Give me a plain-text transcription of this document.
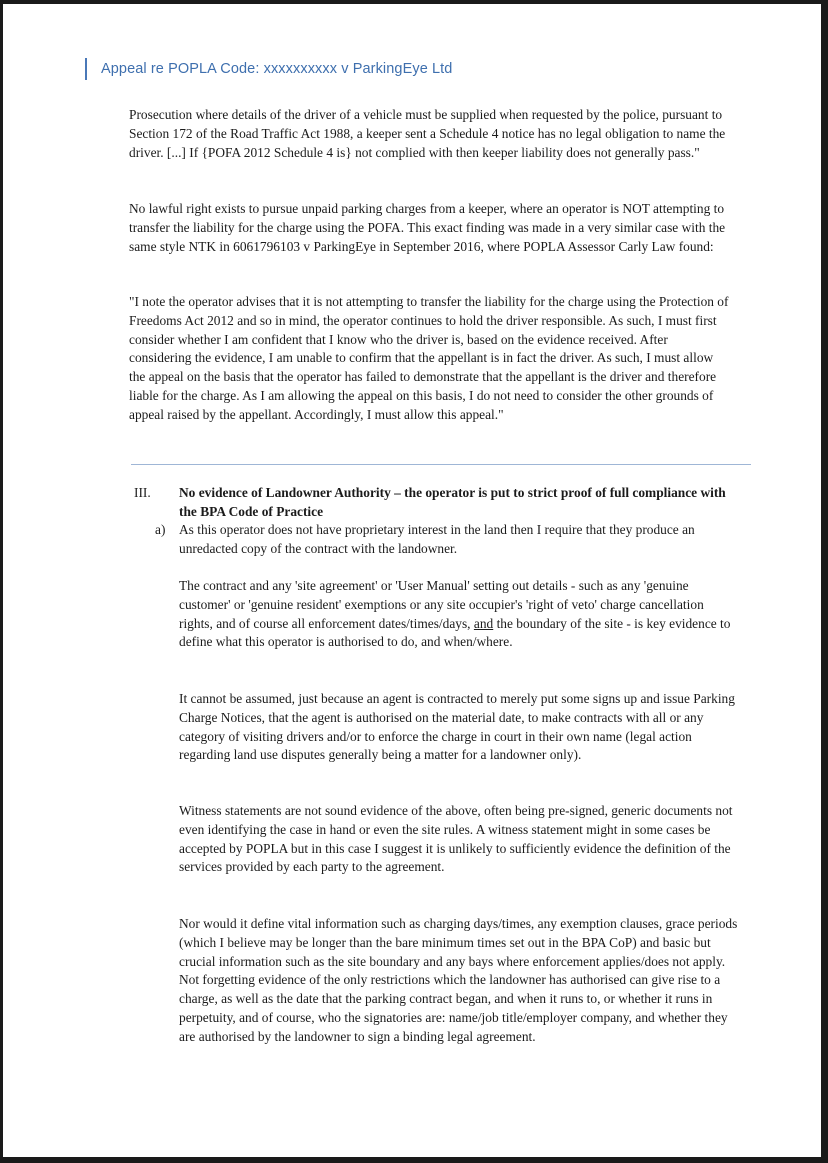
Appeal re POPLA Code: xxxxxxxxxx v ParkingEye Ltd
Prosecution where details of the driver of a vehicle must be supplied when requested by the police, pursuant to Section 172 of the Road Traffic Act 1988, a keeper sent a Schedule 4 notice has no legal obligation to name the driver. [...] If {POFA 2012 Schedule 4 is} not complied with then keeper liability does not generally pass."
No lawful right exists to pursue unpaid parking charges from a keeper, where an operator is NOT attempting to transfer the liability for the charge using the POFA. This exact finding was made in a very similar case with the same style NTK in 6061796103 v ParkingEye in September 2016, where POPLA Assessor Carly Law found:
"I note the operator advises that it is not attempting to transfer the liability for the charge using the Protection of Freedoms Act 2012 and so in mind, the operator continues to hold the driver responsible. As such, I must first consider whether I am confident that I know who the driver is, based on the evidence received. After considering the evidence, I am unable to confirm that the appellant is in fact the driver. As such, I must allow the appeal on the basis that the operator has failed to demonstrate that the appellant is the driver and therefore liable for the charge. As I am allowing the appeal on this basis, I do not need to consider the other grounds of appeal raised by the appellant. Accordingly, I must allow this appeal."
III. No evidence of Landowner Authority – the operator is put to strict proof of full compliance with the BPA Code of Practice
a) As this operator does not have proprietary interest in the land then I require that they produce an unredacted copy of the contract with the landowner.
The contract and any 'site agreement' or 'User Manual' setting out details - such as any 'genuine customer' or 'genuine resident' exemptions or any site occupier's 'right of veto' charge cancellation rights, and of course all enforcement dates/times/days, and the boundary of the site - is key evidence to define what this operator is authorised to do, and when/where.
It cannot be assumed, just because an agent is contracted to merely put some signs up and issue Parking Charge Notices, that the agent is authorised on the material date, to make contracts with all or any category of visiting drivers and/or to enforce the charge in court in their own name (legal action regarding land use disputes generally being a matter for a landowner only).
Witness statements are not sound evidence of the above, often being pre-signed, generic documents not even identifying the case in hand or even the site rules. A witness statement might in some cases be accepted by POPLA but in this case I suggest it is unlikely to sufficiently evidence the definition of the services provided by each party to the agreement.
Nor would it define vital information such as charging days/times, any exemption clauses, grace periods (which I believe may be longer than the bare minimum times set out in the BPA CoP) and basic but crucial information such as the site boundary and any bays where enforcement applies/does not apply. Not forgetting evidence of the only restrictions which the landowner has authorised can give rise to a charge, as well as the date that the parking contract began, and when it runs to, or whether it runs in perpetuity, and of course, who the signatories are: name/job title/employer company, and whether they are authorised by the landowner to sign a binding legal agreement.
